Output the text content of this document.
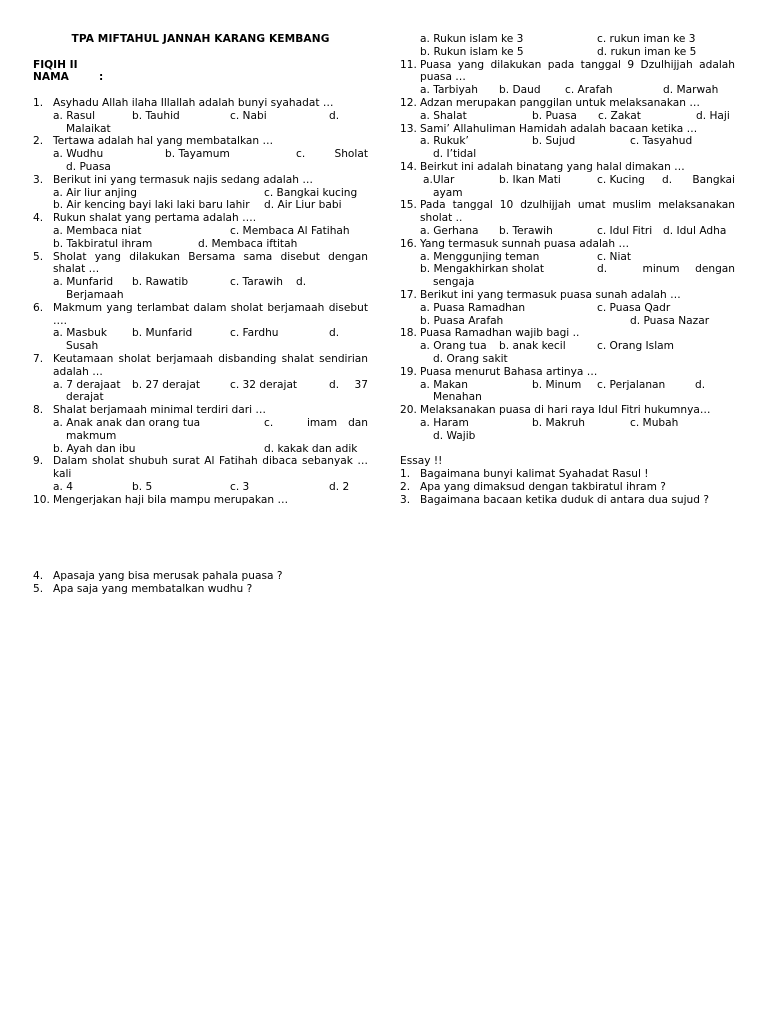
TPA MIFTAHUL JANNAH KARANG KEMBANG
FIQIH II
NAMA	:
1. Asyhadu Allah ilaha Illallah adalah bunyi syahadat …
a. Rasul	b. Tauhid	c. Nabi	d.
Malaikat
2. Tertawa adalah hal yang membatalkan …
a. Wudhu	b. Tayamum	c.	Sholat
d. Puasa
3. Berikut ini yang termasuk najis sedang adalah …
a. Air liur anjing	c. Bangkai kucing
b. Air kencing bayi laki laki baru lahir	d. Air Liur babi
4. Rukun shalat yang pertama adalah ….
a. Membaca niat	c. Membaca Al Fatihah
b. Takbiratul ihram	d. Membaca iftitah
5. Sholat yang dilakukan Bersama sama disebut dengan shalat …
a. Munfarid	b. Rawatib	c. Tarawih	d.
Berjamaah
6. Makmum yang terlambat dalam sholat berjamaah disebut ….
a. Masbuk	b. Munfarid	c. Fardhu	d.
Susah
7. Keutamaan sholat berjamaah disbanding shalat sendirian adalah …
a. 7 derajaat	b. 27 derajat	c. 32 derajat	d.	37
derajat
8. Shalat berjamaah minimal terdiri dari …
a. Anak anak dan orang tua	c.	imam	dan
makmum
b. Ayah dan ibu	d. kakak dan adik
9. Dalam sholat shubuh surat Al Fatihah dibaca sebanyak … kali
a. 4	b. 5	c. 3	d. 2
10. Mengerjakan haji bila mampu merupakan …
4. Apasaja yang bisa merusak pahala puasa ?
5. Apa saja yang membatalkan wudhu ?
a. Rukun islam ke 3	c. rukun iman ke 3
b. Rukun islam ke 5	d. rukun iman ke 5
11. Puasa yang dilakukan pada tanggal 9 Dzulhijjah adalah puasa …
a. Tarbiyah	b. Daud	c. Arafah	d. Marwah
12. Adzan merupakan panggilan untuk melaksanakan …
a. Shalat	b. Puasa	c. Zakat	d. Haji
13. Sami’ Allahuliman Hamidah adalah bacaan ketika …
a. Rukuk’	b. Sujud	c. Tasyahud
d. I’tidal
14. Beirkut ini adalah binatang yang halal dimakan …
a.Ular	b. Ikan Mati	c. Kucing	d.	Bangkai
ayam
15. Pada tanggal 10 dzulhijjah umat muslim melaksanakan sholat ..
a. Gerhana	b. Terawih	c. Idul Fitri	d. Idul Adha
16. Yang termasuk sunnah puasa adalah …
a. Menggunjing teman	c. Niat
b. Mengakhirkan sholat	d.	minum	dengan
sengaja
17. Berikut ini yang termasuk puasa sunah adalah …
a. Puasa Ramadhan	c. Puasa Qadr
b. Puasa Arafah	d. Puasa Nazar
18. Puasa Ramadhan wajib bagi ..
a. Orang tua	b. anak kecil	c. Orang Islam
d. Orang sakit
19. Puasa menurut Bahasa artinya …
a. Makan	b. Minum	c. Perjalanan	d.
Menahan
20. Melaksanakan puasa di hari raya Idul Fitri hukumnya…
a. Haram	b. Makruh	c. Mubah
d. Wajib
Essay !!
1. Bagaimana bunyi kalimat Syahadat Rasul !
2. Apa yang dimaksud dengan takbiratul ihram ?
3. Bagaimana bacaan ketika duduk di antara dua sujud ?
